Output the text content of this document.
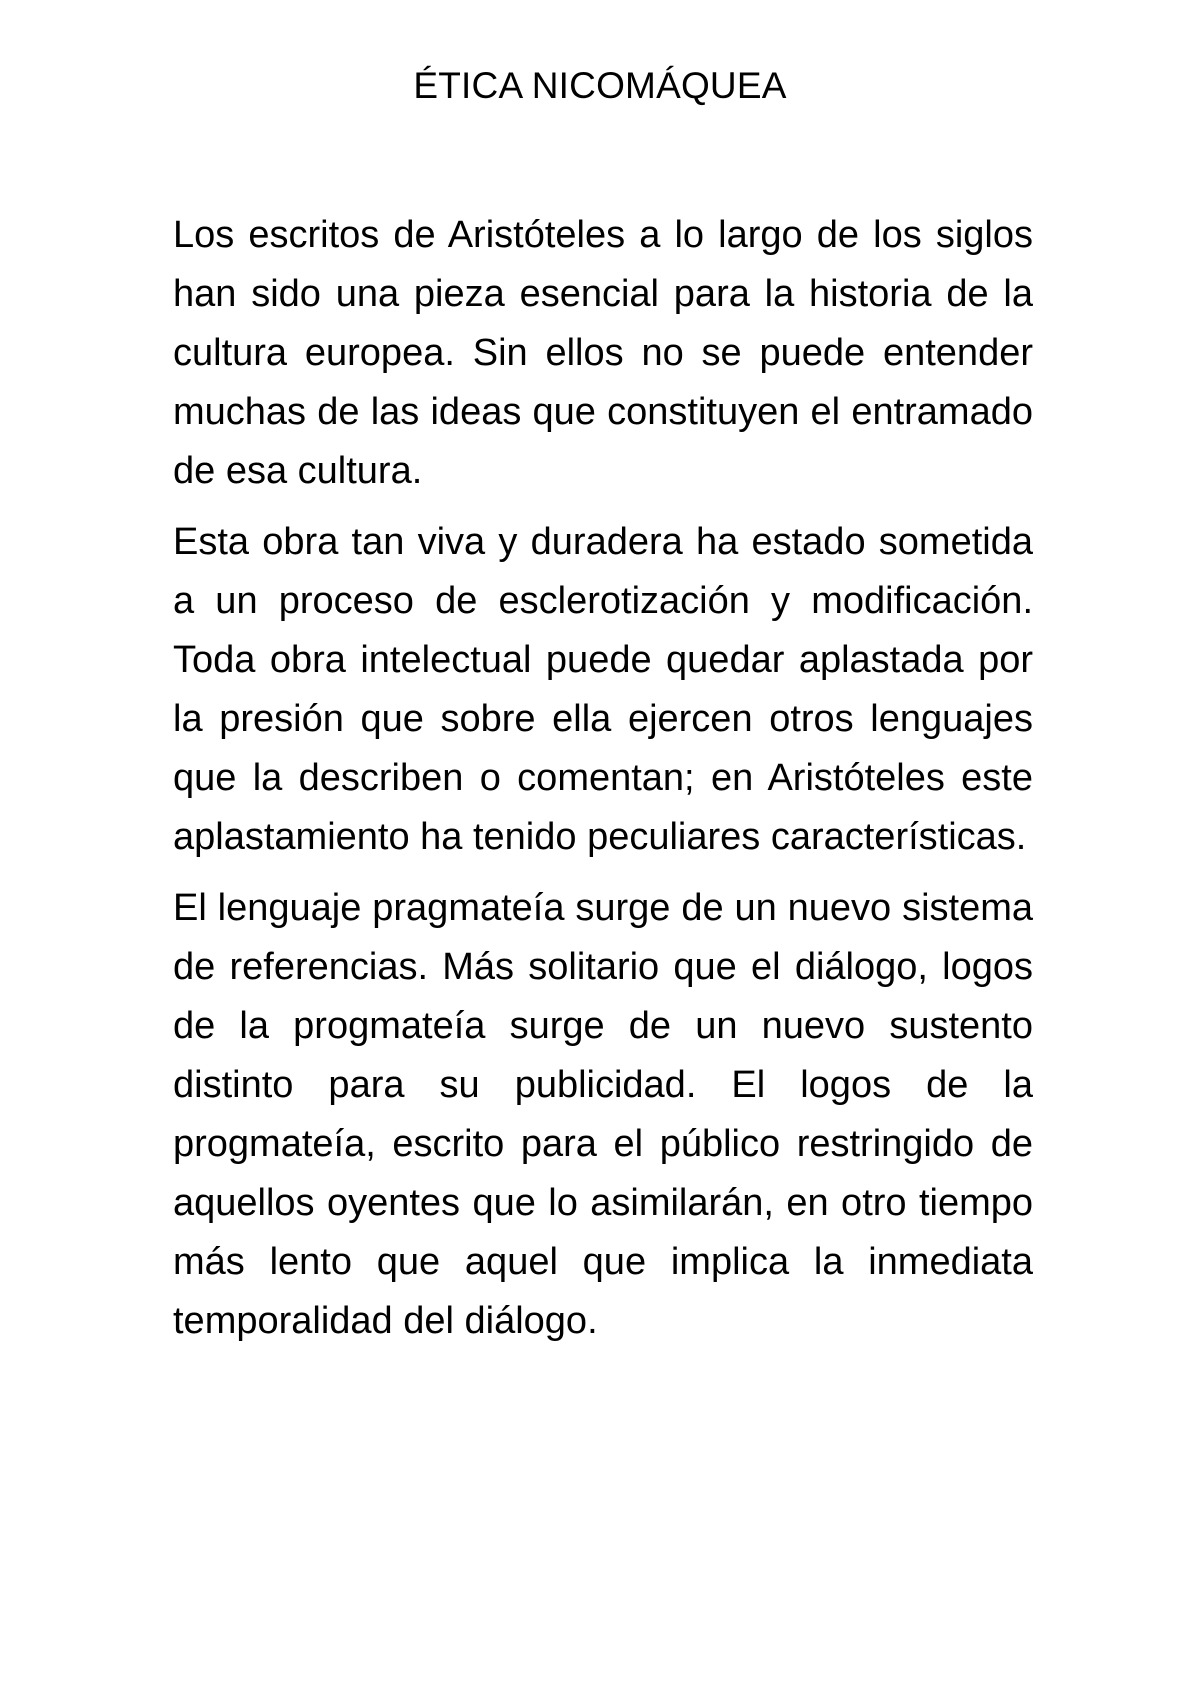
ÉTICA NICOMÁQUEA

Los escritos de Aristóteles a lo largo de los siglos han sido una pieza esencial para la historia de la cultura europea. Sin ellos no se puede entender muchas de las ideas que constituyen el entramado de esa cultura.

Esta obra tan viva y duradera ha estado sometida a un proceso de esclerotización y modificación. Toda obra intelectual puede quedar aplastada por la presión que sobre ella ejercen otros lenguajes que la describen o comentan; en Aristóteles este aplastamiento ha tenido peculiares características.

El lenguaje pragmateía surge de un nuevo sistema de referencias. Más solitario que el diálogo, logos de la progmateía surge de un nuevo sustento distinto para su publicidad. El logos de la progmateía, escrito para el público restringido de aquellos oyentes que lo asimilarán, en otro tiempo más lento que aquel que implica la inmediata temporalidad del diálogo.
